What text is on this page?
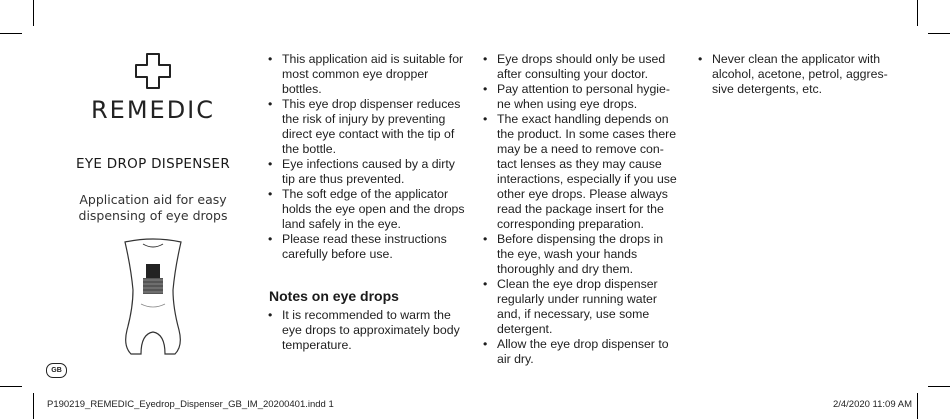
REMEDIC
EYE DROP DISPENSER
Application aid for easy
dispensing of eye drops
GB
• This application aid is suitable for most common eye dropper bottles.
• This eye drop dispenser reduces the risk of injury by preventing direct eye contact with the tip of the bottle.
• Eye infections caused by a dirty tip are thus prevented.
• The soft edge of the applicator holds the eye open and the drops land safely in the eye.
• Please read these instructions carefully before use.
Notes on eye drops
• It is recommended to warm the eye drops to approximately body temperature.
• Eye drops should only be used after consulting your doctor.
• Pay attention to personal hygie-ne when using eye drops.
• The exact handling depends on the product. In some cases there may be a need to remove con-tact lenses as they may cause interactions, especially if you use other eye drops. Please always read the package insert for the corresponding preparation.
• Before dispensing the drops in the eye, wash your hands thoroughly and dry them.
• Clean the eye drop dispenser regularly under running water and, if necessary, use some detergent.
• Allow the eye drop dispenser to air dry.
• Never clean the applicator with alcohol, acetone, petrol, aggres-sive detergents, etc.
P190219_REMEDIC_Eyedrop_Dispenser_GB_IM_20200401.indd 1	2/4/2020 11:09 AM
